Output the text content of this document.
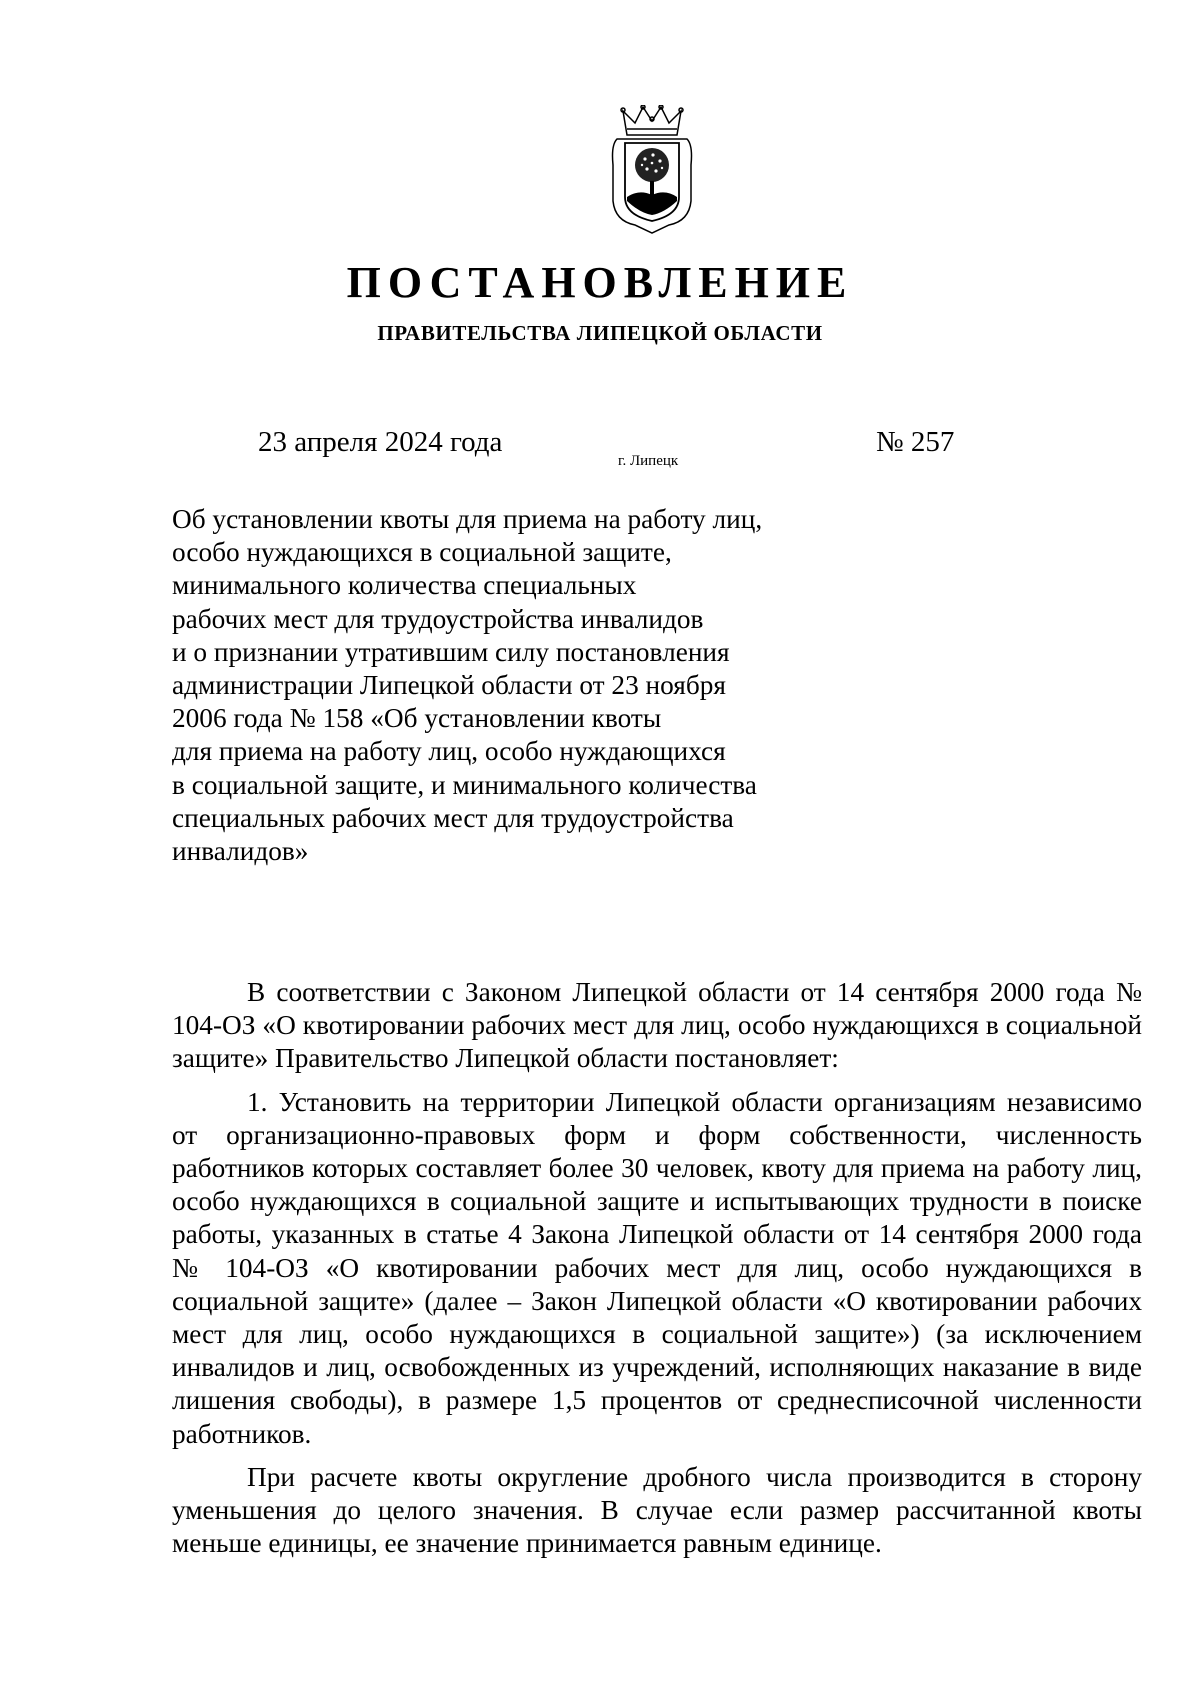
ПОСТАНОВЛЕНИЕ
ПРАВИТЕЛЬСТВА ЛИПЕЦКОЙ ОБЛАСТИ
23 апреля 2024 года
г. Липецк
№ 257
Об установлении квоты для приема на работу лиц,
особо нуждающихся в социальной защите,
минимального количества специальных
рабочих мест для трудоустройства инвалидов
и о признании утратившим силу постановления
администрации Липецкой области от 23 ноября
2006 года № 158 «Об установлении квоты
для приема на работу лиц, особо нуждающихся
в социальной защите, и минимального количества
специальных рабочих мест для трудоустройства
инвалидов»

В соответствии с Законом Липецкой области от 14 сентября 2000 года № 104-ОЗ «О квотировании рабочих мест для лиц, особо нуждающихся в социальной защите» Правительство Липецкой области постановляет:

1. Установить на территории Липецкой области организациям независимо от организационно-правовых форм и форм собственности, численность работников которых составляет более 30 человек, квоту для приема на работу лиц, особо нуждающихся в социальной защите и испытывающих трудности в поиске работы, указанных в статье 4 Закона Липецкой области от 14 сентября 2000 года № 104-ОЗ «О квотировании рабочих мест для лиц, особо нуждающихся в социальной защите» (далее – Закон Липецкой области «О квотировании рабочих мест для лиц, особо нуждающихся в социальной защите») (за исключением инвалидов и лиц, освобожденных из учреждений, исполняющих наказание в виде лишения свободы), в размере 1,5 процентов от среднесписочной численности работников.

При расчете квоты округление дробного числа производится в сторону уменьшения до целого значения. В случае если размер рассчитанной квоты меньше единицы, ее значение принимается равным единице.
